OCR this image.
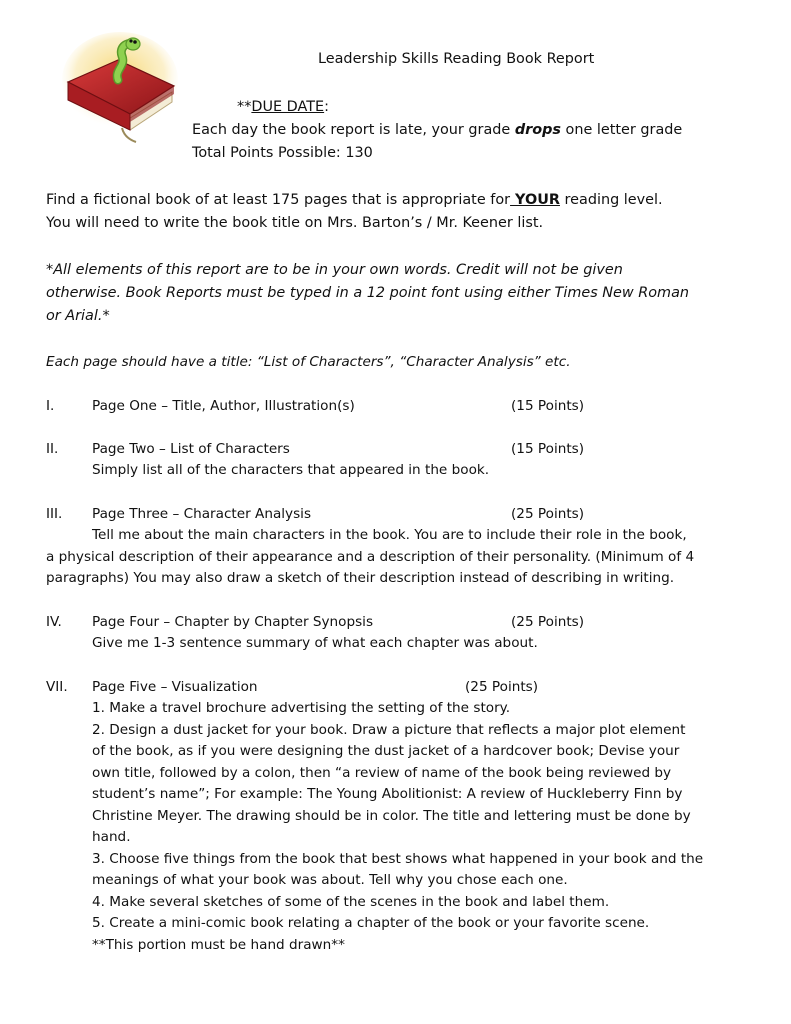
Leadership Skills Reading Book Report
**DUE DATE:
Each day the book report is late, your grade drops one letter grade
Total Points Possible: 130
Find a fictional book of at least 175 pages that is appropriate for YOUR reading level.
You will need to write the book title on Mrs. Barton’s / Mr. Keener list.
*All elements of this report are to be in your own words. Credit will not be given
otherwise. Book Reports must be typed in a 12 point font using either Times New Roman
or Arial.*
Each page should have a title: “List of Characters”, “Character Analysis” etc.
I.	Page One – Title, Author, Illustration(s)	(15 Points)
II. Page Two – List of Characters	(15 Points)
Simply list all of the characters that appeared in the book.
III. Page Three – Character Analysis	(25 Points)
Tell me about the main characters in the book. You are to include their role in the book,
a physical description of their appearance and a description of their personality. (Minimum of 4
paragraphs) You may also draw a sketch of their description instead of describing in writing.
IV. Page Four – Chapter by Chapter Synopsis	(25 Points)
Give me 1-3 sentence summary of what each chapter was about.
VII. Page Five – Visualization	(25 Points)
1. Make a travel brochure advertising the setting of the story.
2. Design a dust jacket for your book. Draw a picture that reflects a major plot element
of the book, as if you were designing the dust jacket of a hardcover book; Devise your
own title, followed by a colon, then “a review of name of the book being reviewed by
student’s name”; For example: The Young Abolitionist: A review of Huckleberry Finn by
Christine Meyer. The drawing should be in color. The title and lettering must be done by
hand.
3. Choose five things from the book that best shows what happened in your book and the
meanings of what your book was about. Tell why you chose each one.
4. Make several sketches of some of the scenes in the book and label them.
5. Create a mini-comic book relating a chapter of the book or your favorite scene.
**This portion must be hand drawn**
